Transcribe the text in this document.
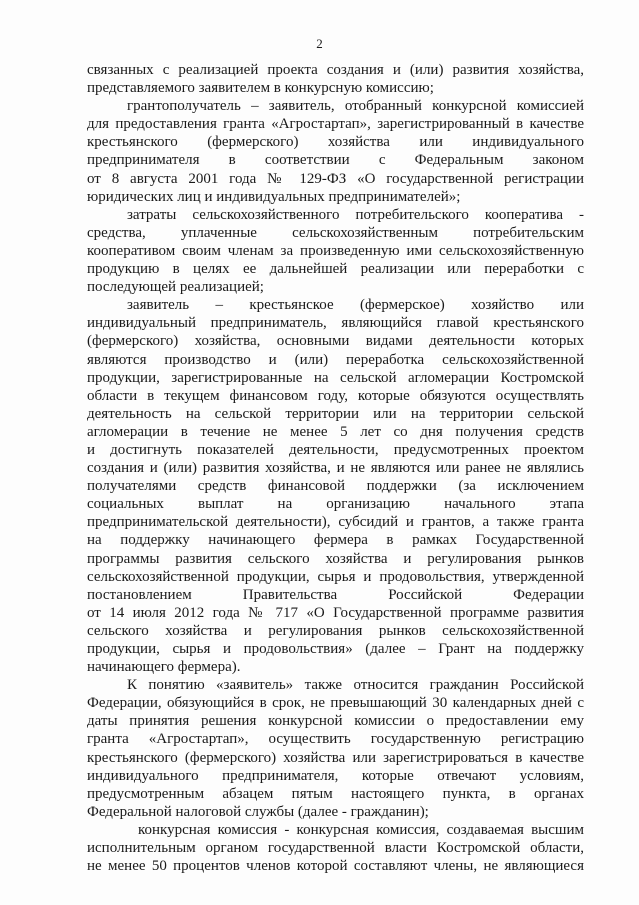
2
связанных с реализацией проекта создания и (или) развития хозяйства,
представляемого заявителем в конкурсную комиссию;
грантополучатель – заявитель, отобранный конкурсной комиссией
для предоставления гранта «Агростартап», зарегистрированный в качестве
крестьянского (фермерского) хозяйства или индивидуального
предпринимателя в соответствии с Федеральным законом
от 8 августа 2001 года № 129-ФЗ «О государственной регистрации
юридических лиц и индивидуальных предпринимателей»;
затраты сельскохозяйственного потребительского кооператива -
средства, уплаченные сельскохозяйственным потребительским
кооперативом своим членам за произведенную ими сельскохозяйственную
продукцию в целях ее дальнейшей реализации или переработки с
последующей реализацией;
заявитель – крестьянское (фермерское) хозяйство или
индивидуальный предприниматель, являющийся главой крестьянского
(фермерского) хозяйства, основными видами деятельности которых
являются производство и (или) переработка сельскохозяйственной
продукции, зарегистрированные на сельской агломерации Костромской
области в текущем финансовом году, которые обязуются осуществлять
деятельность на сельской территории или на территории сельской
агломерации в течение не менее 5 лет со дня получения средств
и достигнуть показателей деятельности, предусмотренных проектом
создания и (или) развития хозяйства, и не являются или ранее не являлись
получателями средств финансовой поддержки (за исключением
социальных выплат на организацию начального этапа
предпринимательской деятельности), субсидий и грантов, а также гранта
на поддержку начинающего фермера в рамках Государственной
программы развития сельского хозяйства и регулирования рынков
сельскохозяйственной продукции, сырья и продовольствия, утвержденной
постановлением Правительства Российской Федерации
от 14 июля 2012 года № 717 «О Государственной программе развития
сельского хозяйства и регулирования рынков сельскохозяйственной
продукции, сырья и продовольствия» (далее – Грант на поддержку
начинающего фермера).
К понятию «заявитель» также относится гражданин Российской
Федерации, обязующийся в срок, не превышающий 30 календарных дней с
даты принятия решения конкурсной комиссии о предоставлении ему
гранта «Агростартап», осуществить государственную регистрацию
крестьянского (фермерского) хозяйства или зарегистрироваться в качестве
индивидуального предпринимателя, которые отвечают условиям,
предусмотренным абзацем пятым настоящего пункта, в органах
Федеральной налоговой службы (далее - гражданин);
конкурсная комиссия - конкурсная комиссия, создаваемая высшим
исполнительным органом государственной власти Костромской области,
не менее 50 процентов членов которой составляют члены, не являющиеся
